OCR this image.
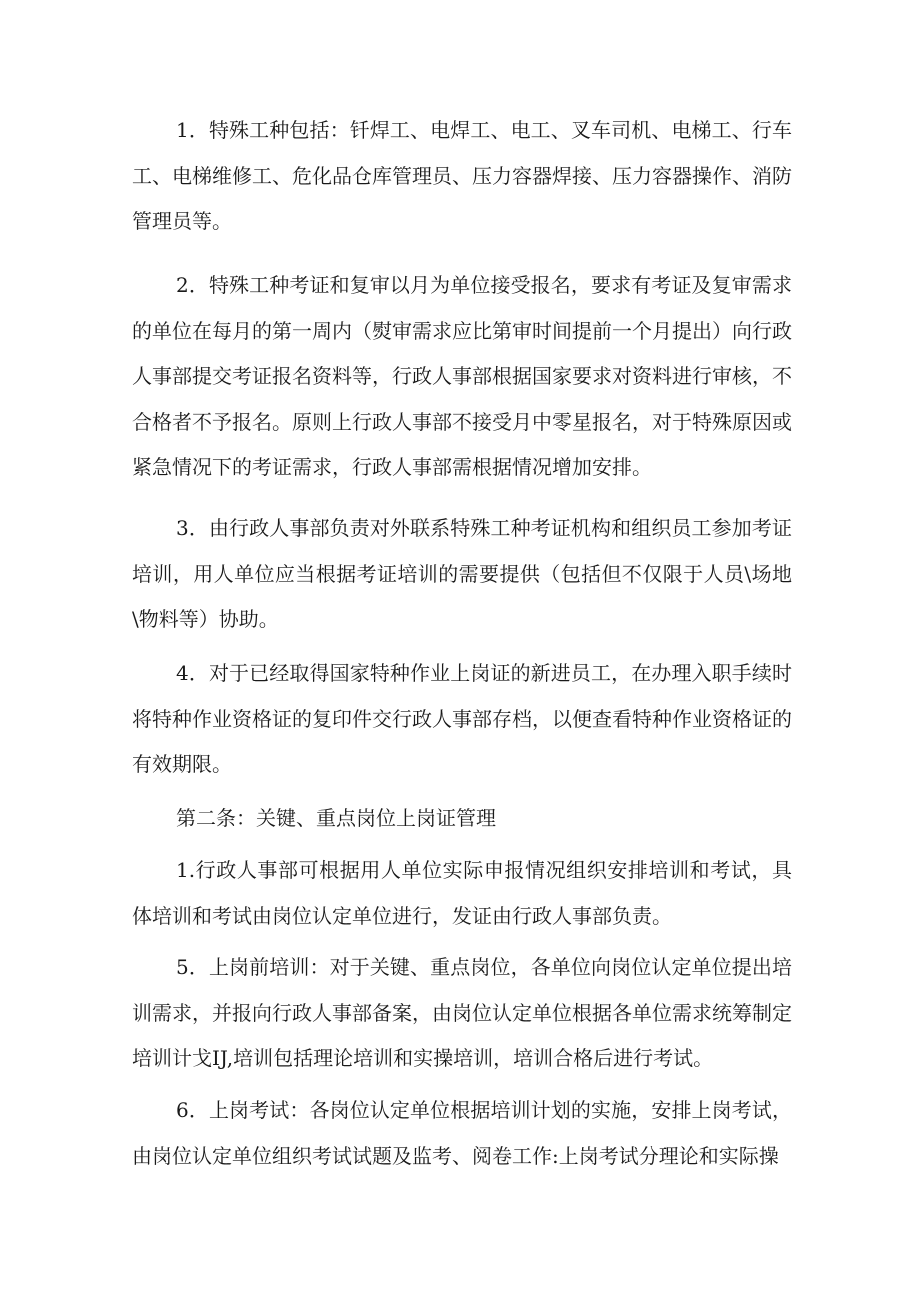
1．特殊工种包括：钎焊工、电焊工、电工、叉车司机、电梯工、行车工、电梯维修工、危化品仓库管理员、压力容器焊接、压力容器操作、消防管理员等。

2．特殊工种考证和复审以月为单位接受报名，要求有考证及复审需求的单位在每月的第一周内（熨审需求应比第审时间提前一个月提出）向行政人事部提交考证报名资料等，行政人事部根据国家要求对资料进行审核，不合格者不予报名。原则上行政人事部不接受月中零星报名，对于特殊原因或紧急情况下的考证需求，行政人事部需根据情况增加安排。

3．由行政人事部负责对外联系特殊工种考证机构和组织员工参加考证培训，用人单位应当根据考证培训的需要提供（包括但不仅限于人员\场地\物料等）协助。

4．对于已经取得国家特种作业上岗证的新进员工，在办理入职手续时将特种作业资格证的复印件交行政人事部存档，以便查看特种作业资格证的有效期限。

第二条：关键、重点岗位上岗证管理

1.行政人事部可根据用人单位实际申报情况组织安排培训和考试，具体培训和考试由岗位认定单位进行，发证由行政人事部负责。

5．上岗前培训：对于关键、重点岗位，各单位向岗位认定单位提出培训需求，并报向行政人事部备案，由岗位认定单位根据各单位需求统筹制定培训计戈IJ,培训包括理论培训和实操培训，培训合格后进行考试。

6．上岗考试：各岗位认定单位根据培训计划的实施，安排上岗考试，由岗位认定单位组织考试试题及监考、阅卷工作:上岗考试分理论和实际操
